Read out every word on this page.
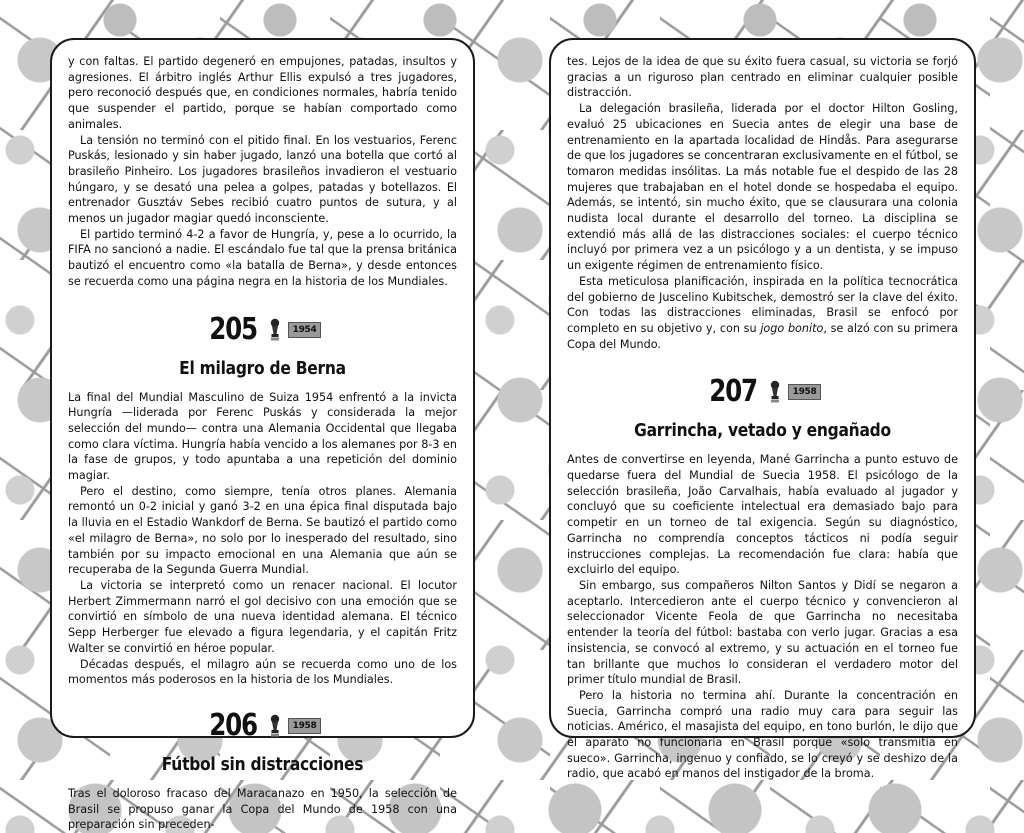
y con faltas. El partido degeneró en empujones, patadas, insultos y agresiones. El árbitro inglés Arthur Ellis expulsó a tres jugadores, pero reconoció después que, en condiciones normales, habría tenido que suspender el partido, porque se habían comportado como animales.

La tensión no terminó con el pitido final. En los vestuarios, Ferenc Puskás, lesionado y sin haber jugado, lanzó una botella que cortó al brasileño Pinheiro. Los jugadores brasileños invadieron el vestuario húngaro, y se desató una pelea a golpes, patadas y botellazos. El entrenador Gusztáv Sebes recibió cuatro puntos de sutura, y al menos un jugador magiar quedó inconsciente.

El partido terminó 4-2 a favor de Hungría, y, pese a lo ocurrido, la FIFA no sancionó a nadie. El escándalo fue tal que la prensa británica bautizó el encuentro como «la batalla de Berna», y desde entonces se recuerda como una página negra en la historia de los Mundiales.

205	1954
El milagro de Berna

La final del Mundial Masculino de Suiza 1954 enfrentó a la invicta Hungría —liderada por Ferenc Puskás y considerada la mejor selección del mundo— contra una Alemania Occidental que llegaba como clara víctima. Hungría había vencido a los alemanes por 8-3 en la fase de grupos, y todo apuntaba a una repetición del dominio magiar.

Pero el destino, como siempre, tenía otros planes. Alemania remontó un 0-2 inicial y ganó 3-2 en una épica final disputada bajo la lluvia en el Estadio Wankdorf de Berna. Se bautizó el partido como «el milagro de Berna», no solo por lo inesperado del resultado, sino también por su impacto emocional en una Alemania que aún se recuperaba de la Segunda Guerra Mundial.

La victoria se interpretó como un renacer nacional. El locutor Herbert Zimmermann narró el gol decisivo con una emoción que se convirtió en símbolo de una nueva identidad alemana. El técnico Sepp Herberger fue elevado a figura legendaria, y el capitán Fritz Walter se convirtió en héroe popular.

Décadas después, el milagro aún se recuerda como uno de los momentos más poderosos en la historia de los Mundiales.

206	1958
Fútbol sin distracciones

Tras el doloroso fracaso del Maracanazo en 1950, la selección de Brasil se propuso ganar la Copa del Mundo de 1958 con una preparación sin preceden-

tes. Lejos de la idea de que su éxito fuera casual, su victoria se forjó gracias a un riguroso plan centrado en eliminar cualquier posible distracción.

La delegación brasileña, liderada por el doctor Hilton Gosling, evaluó 25 ubicaciones en Suecia antes de elegir una base de entrenamiento en la apartada localidad de Hindås. Para asegurarse de que los jugadores se concentraran exclusivamente en el fútbol, se tomaron medidas insólitas. La más notable fue el despido de las 28 mujeres que trabajaban en el hotel donde se hospedaba el equipo. Además, se intentó, sin mucho éxito, que se clausurara una colonia nudista local durante el desarrollo del torneo. La disciplina se extendió más allá de las distracciones sociales: el cuerpo técnico incluyó por primera vez a un psicólogo y a un dentista, y se impuso un exigente régimen de entrenamiento físico.

Esta meticulosa planificación, inspirada en la política tecnocrática del gobierno de Juscelino Kubitschek, demostró ser la clave del éxito. Con todas las distracciones eliminadas, Brasil se enfocó por completo en su objetivo y, con su jogo bonito, se alzó con su primera Copa del Mundo.

207	1958
Garrincha, vetado y engañado

Antes de convertirse en leyenda, Mané Garrincha a punto estuvo de quedarse fuera del Mundial de Suecia 1958. El psicólogo de la selección brasileña, João Carvalhais, había evaluado al jugador y concluyó que su coeficiente intelectual era demasiado bajo para competir en un torneo de tal exigencia. Según su diagnóstico, Garrincha no comprendía conceptos tácticos ni podía seguir instrucciones complejas. La recomendación fue clara: había que excluirlo del equipo.

Sin embargo, sus compañeros Nilton Santos y Didí se negaron a aceptarlo. Intercedieron ante el cuerpo técnico y convencieron al seleccionador Vicente Feola de que Garrincha no necesitaba entender la teoría del fútbol: bastaba con verlo jugar. Gracias a esa insistencia, se convocó al extremo, y su actuación en el torneo fue tan brillante que muchos lo consideran el verdadero motor del primer título mundial de Brasil.

Pero la historia no termina ahí. Durante la concentración en Suecia, Garrincha compró una radio muy cara para seguir las noticias. Américo, el masajista del equipo, en tono burlón, le dijo que el aparato no funcionaría en Brasil porque «solo transmitía en sueco». Garrincha, ingenuo y confiado, se lo creyó y se deshizo de la radio, que acabó en manos del instigador de la broma.
